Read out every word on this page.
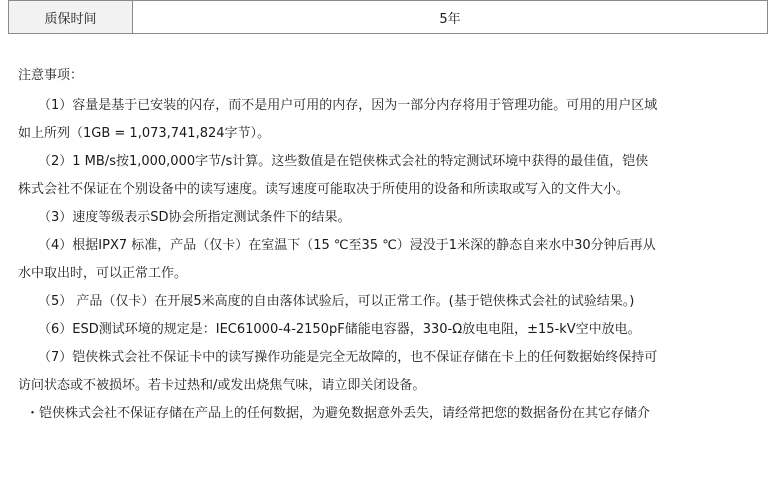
质保时间	5年

注意事项：

（1）容量是基于已安装的闪存，而不是用户可用的内存，因为一部分内存将用于管理功能。可用的用户区域
如上所列（1GB = 1,073,741,824字节）。
（2）1 MB/s按1,000,000字节/s计算。这些数值是在铠侠株式会社的特定测试环境中获得的最佳值，铠侠
株式会社不保证在个别设备中的读写速度。读写速度可能取决于所使用的设备和所读取或写入的文件大小。
（3）速度等级表示SD协会所指定测试条件下的结果。
（4）根据IPX7 标准，产品（仅卡）在室温下（15 ℃至35 ℃）浸没于1米深的静态自来水中30分钟后再从
水中取出时，可以正常工作。
（5） 产品（仅卡）在开展5米高度的自由落体试验后，可以正常工作。(基于铠侠株式会社的试验结果。)
（6）ESD测试环境的规定是：IEC61000-4-2150pF储能电容器，330-Ω放电电阻，±15-kV空中放电。
（7）铠侠株式会社不保证卡中的读写操作功能是完全无故障的，也不保证存储在卡上的任何数据始终保持可
访问状态或不被损坏。若卡过热和/或发出烧焦气味，请立即关闭设备。
・铠侠株式会社不保证存储在产品上的任何数据，为避免数据意外丢失，请经常把您的数据备份在其它存储介
